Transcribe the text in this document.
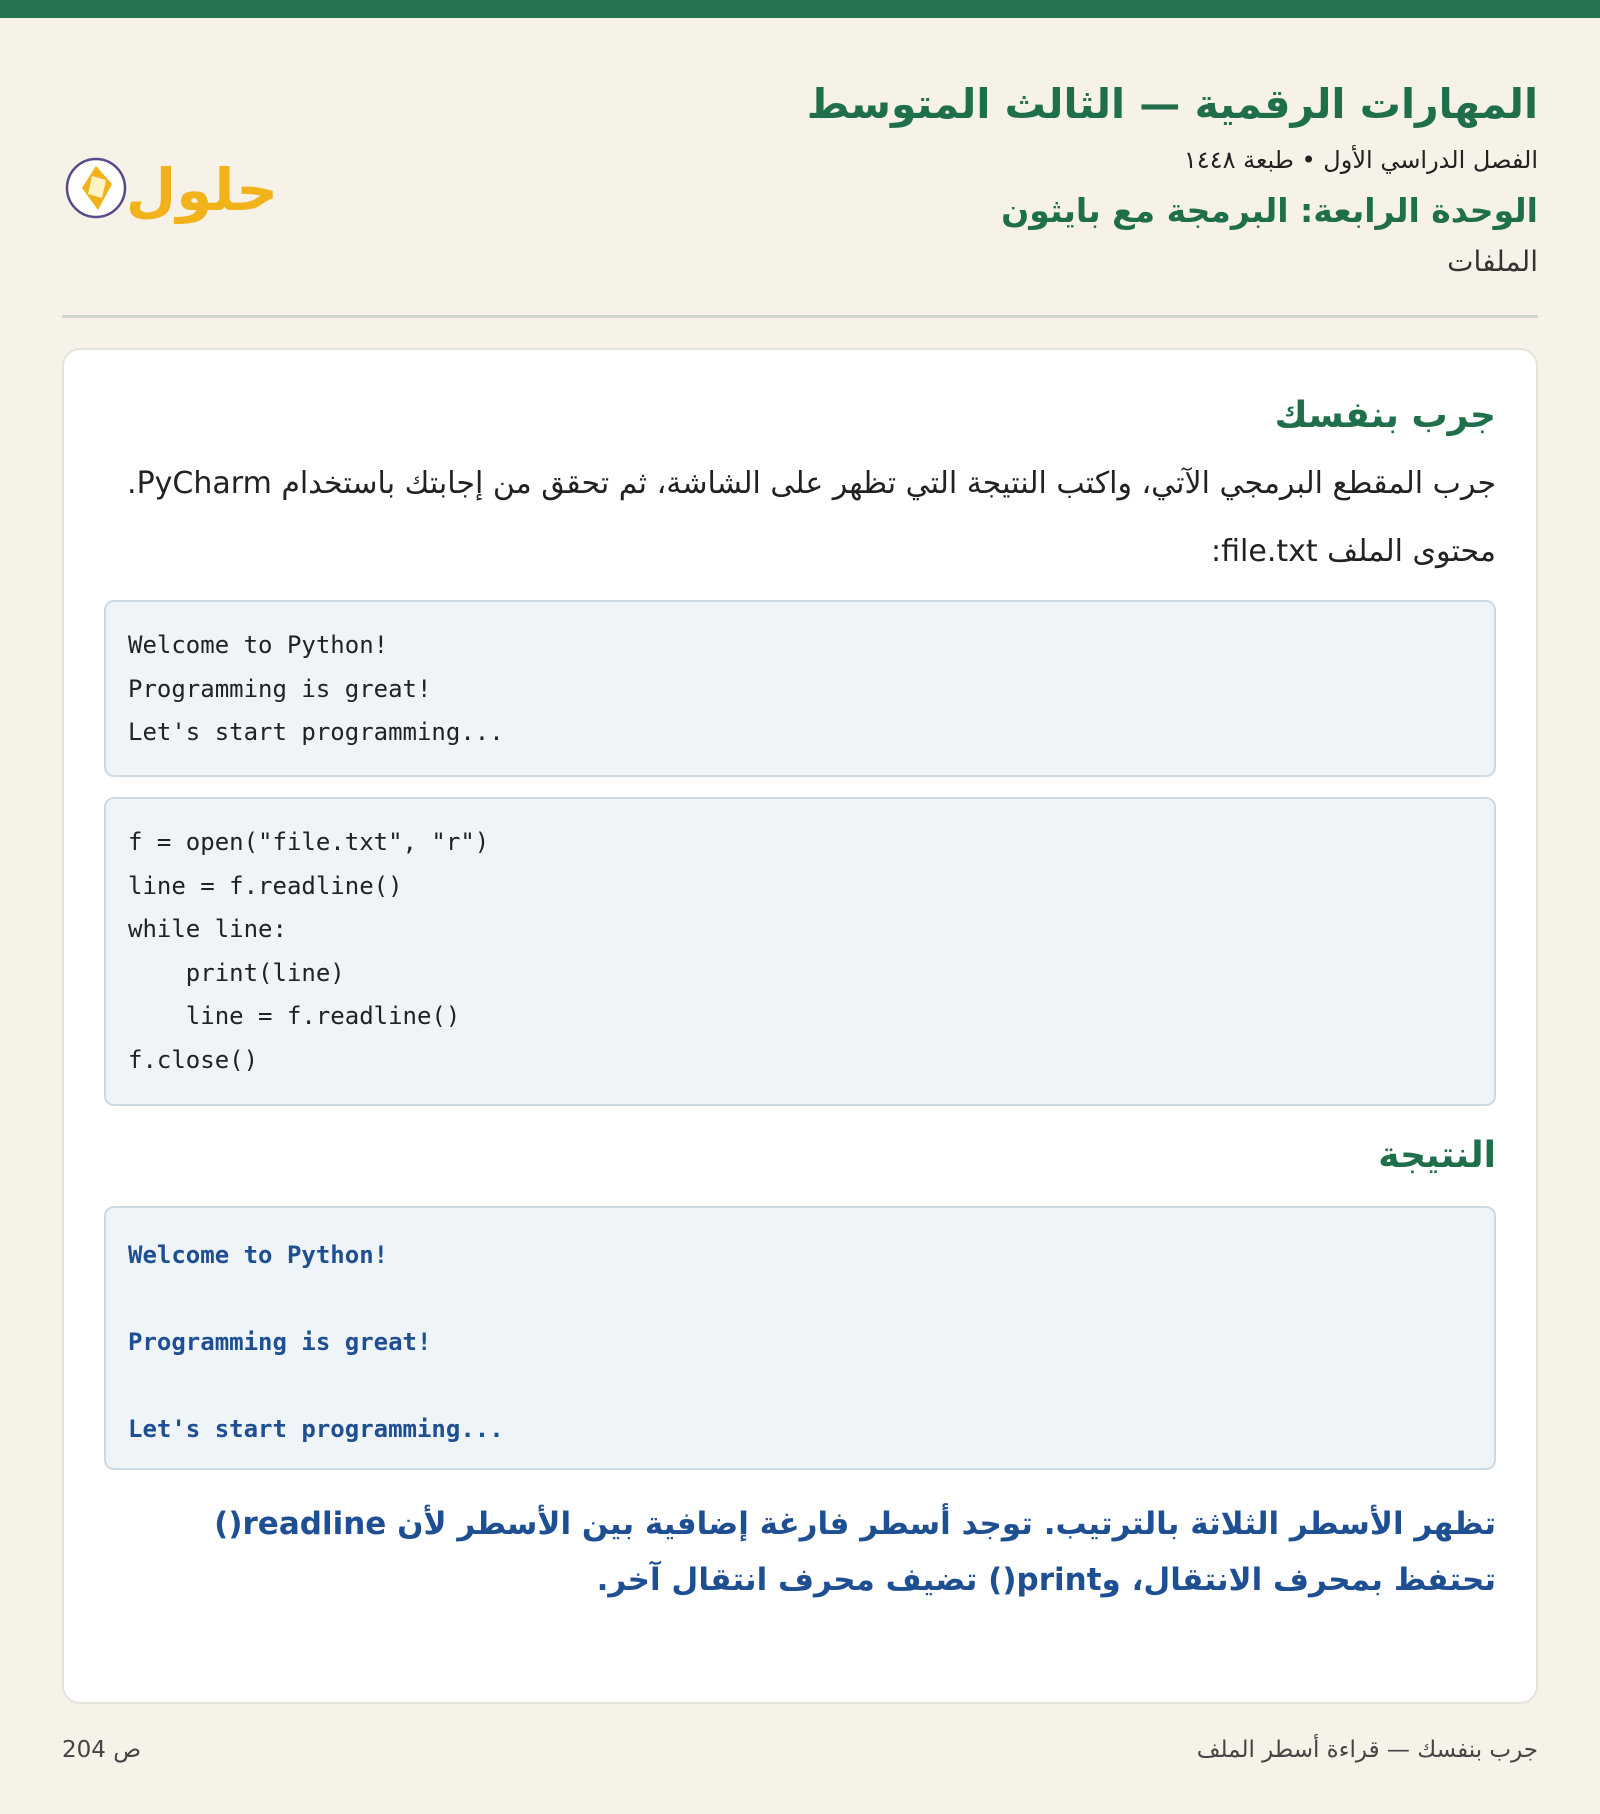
المهارات الرقمية — الثالث المتوسط
الفصل الدراسي الأول • طبعة ١٤٤٨
الوحدة الرابعة: البرمجة مع بايثون
الملفات
حلول
جرب بنفسك
جرب المقطع البرمجي الآتي، واكتب النتيجة التي تظهر على الشاشة، ثم تحقق من إجابتك باستخدام PyCharm.
محتوى الملف file.txt:
Welcome to Python!
Programming is great!
Let's start programming...
f = open("file.txt", "r")
line = f.readline()
while line:
print(line)
line = f.readline()
f.close()
النتيجة
Welcome to Python!
Programming is great!
Let's start programming...
تظهر الأسطر الثلاثة بالترتيب. توجد أسطر فارغة إضافية بين الأسطر لأن readline() تحتفظ بمحرف الانتقال، وprint() تضيف محرف انتقال آخر.
ص 204	جرب بنفسك — قراءة أسطر الملف
